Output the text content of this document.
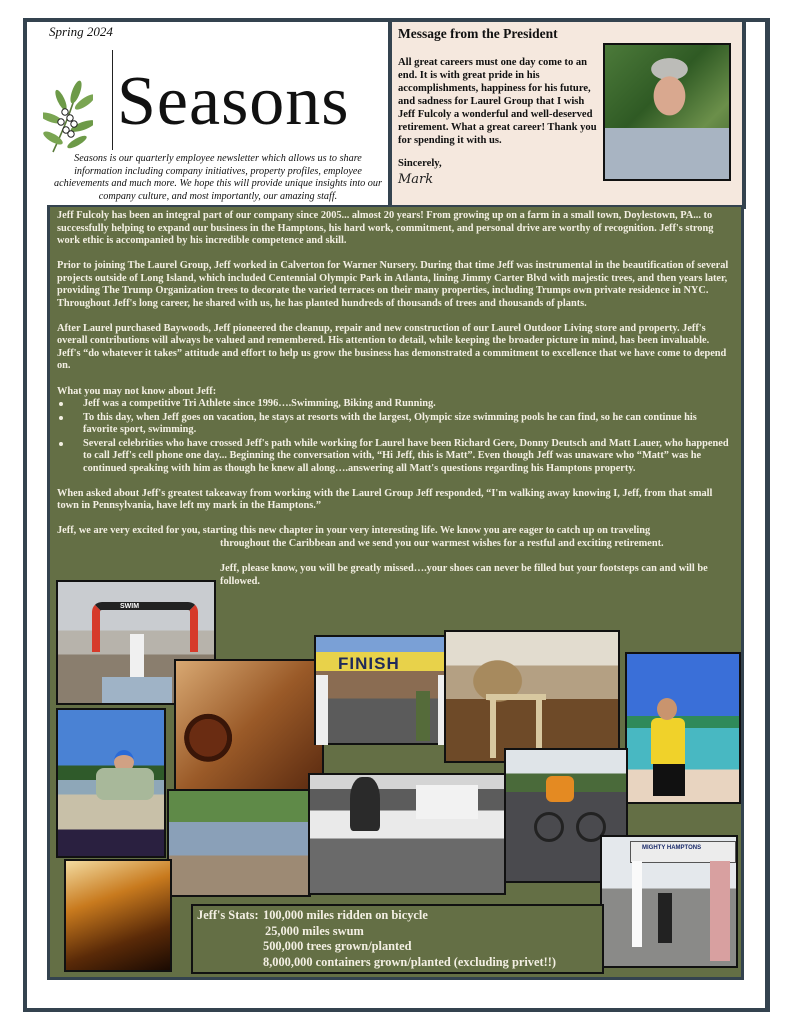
Spring 2024
Seasons
Seasons is our quarterly employee newsletter which allows us to share information including company initiatives, property profiles, employee achievements and much more. We hope this will provide unique insights into our company culture, and most importantly, our amazing staff.
Message from the President
All great careers must one day come to an end. It is with great pride in his accomplishments, happiness for his future, and sadness for Laurel Group that I wish Jeff Fulcoly a wonderful and well-deserved retirement. What a great career! Thank you for spending it with us.
Sincerely,
Mark

Jeff Fulcoly has been an integral part of our company since 2005... almost 20 years! From growing up on a farm in a small town, Doylestown, PA... to successfully helping to expand our business in the Hamptons, his hard work, commitment, and personal drive are worthy of recognition. Jeff's strong work ethic is accompanied by his incredible competence and skill.

Prior to joining The Laurel Group, Jeff worked in Calverton for Warner Nursery. During that time Jeff was instrumental in the beautification of several projects outside of Long Island, which included Centennial Olympic Park in Atlanta, lining Jimmy Carter Blvd with majestic trees, and then years later, providing The Trump Organization trees to decorate the varied terraces on their many properties, including Trumps own private residence in NYC. Throughout Jeff's long career, he shared with us, he has planted hundreds of thousands of trees and thousands of plants.

After Laurel purchased Baywoods, Jeff pioneered the cleanup, repair and new construction of our Laurel Outdoor Living store and property. Jeff's overall contributions will always be valued and remembered. His attention to detail, while keeping the broader picture in mind, has been invaluable. Jeff's “do whatever it takes” attitude and effort to help us grow the business has demonstrated a commitment to excellence that we have come to depend on.

What you may not know about Jeff:
Jeff was a competitive Tri Athlete since 1996….Swimming, Biking and Running.
To this day, when Jeff goes on vacation, he stays at resorts with the largest, Olympic size swimming pools he can find, so he can continue his favorite sport, swimming.
Several celebrities who have crossed Jeff's path while working for Laurel have been Richard Gere, Donny Deutsch and Matt Lauer, who happened to call Jeff's cell phone one day... Beginning the conversation with, “Hi Jeff, this is Matt”. Even though Jeff was unaware who “Matt” was he continued speaking with him as though he knew all along….answering all Matt's questions regarding his Hamptons property.

When asked about Jeff's greatest takeaway from working with the Laurel Group Jeff responded, “I'm walking away knowing I, Jeff, from that small town in Pennsylvania, have left my mark in the Hamptons.”

Jeff, we are very excited for you, starting this new chapter in your very interesting life. We know you are eager to catch up on traveling
throughout the Caribbean and we send you our warmest wishes for a restful and exciting retirement.
Jeff, please know, you will be greatly missed….your shoes can never be filled but your footsteps can and will be followed.
SWIM
FINISH
MIGHTY HAMPTONS
Jeff's Stats: 100,000 miles ridden on bicycle
25,000 miles swum
500,000 trees grown/planted
8,000,000 containers grown/planted (excluding privet!!)
